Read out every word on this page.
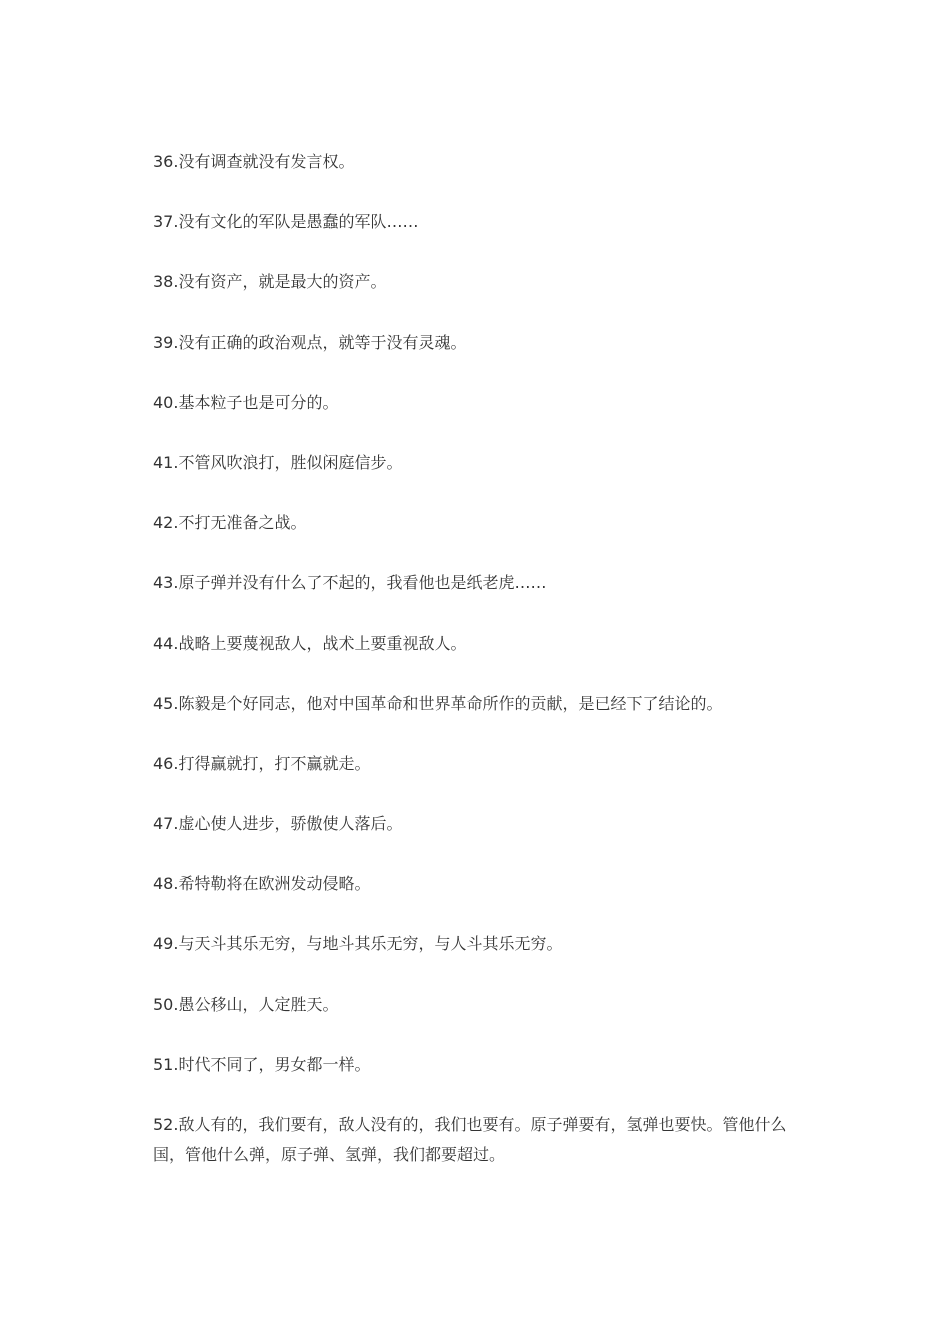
36.没有调查就没有发言权。
37.没有文化的军队是愚蠢的军队……
38.没有资产，就是最大的资产。
39.没有正确的政治观点，就等于没有灵魂。
40.基本粒子也是可分的。
41.不管风吹浪打，胜似闲庭信步。
42.不打无准备之战。
43.原子弹并没有什么了不起的，我看他也是纸老虎……
44.战略上要蔑视敌人，战术上要重视敌人。
45.陈毅是个好同志，他对中国革命和世界革命所作的贡献，是已经下了结论的。
46.打得赢就打，打不赢就走。
47.虚心使人进步，骄傲使人落后。
48.希特勒将在欧洲发动侵略。
49.与天斗其乐无穷，与地斗其乐无穷，与人斗其乐无穷。
50.愚公移山，人定胜天。
51.时代不同了，男女都一样。
52.敌人有的，我们要有，敌人没有的，我们也要有。原子弹要有，氢弹也要快。管他什么国，管他什么弹，原子弹、氢弹，我们都要超过。
